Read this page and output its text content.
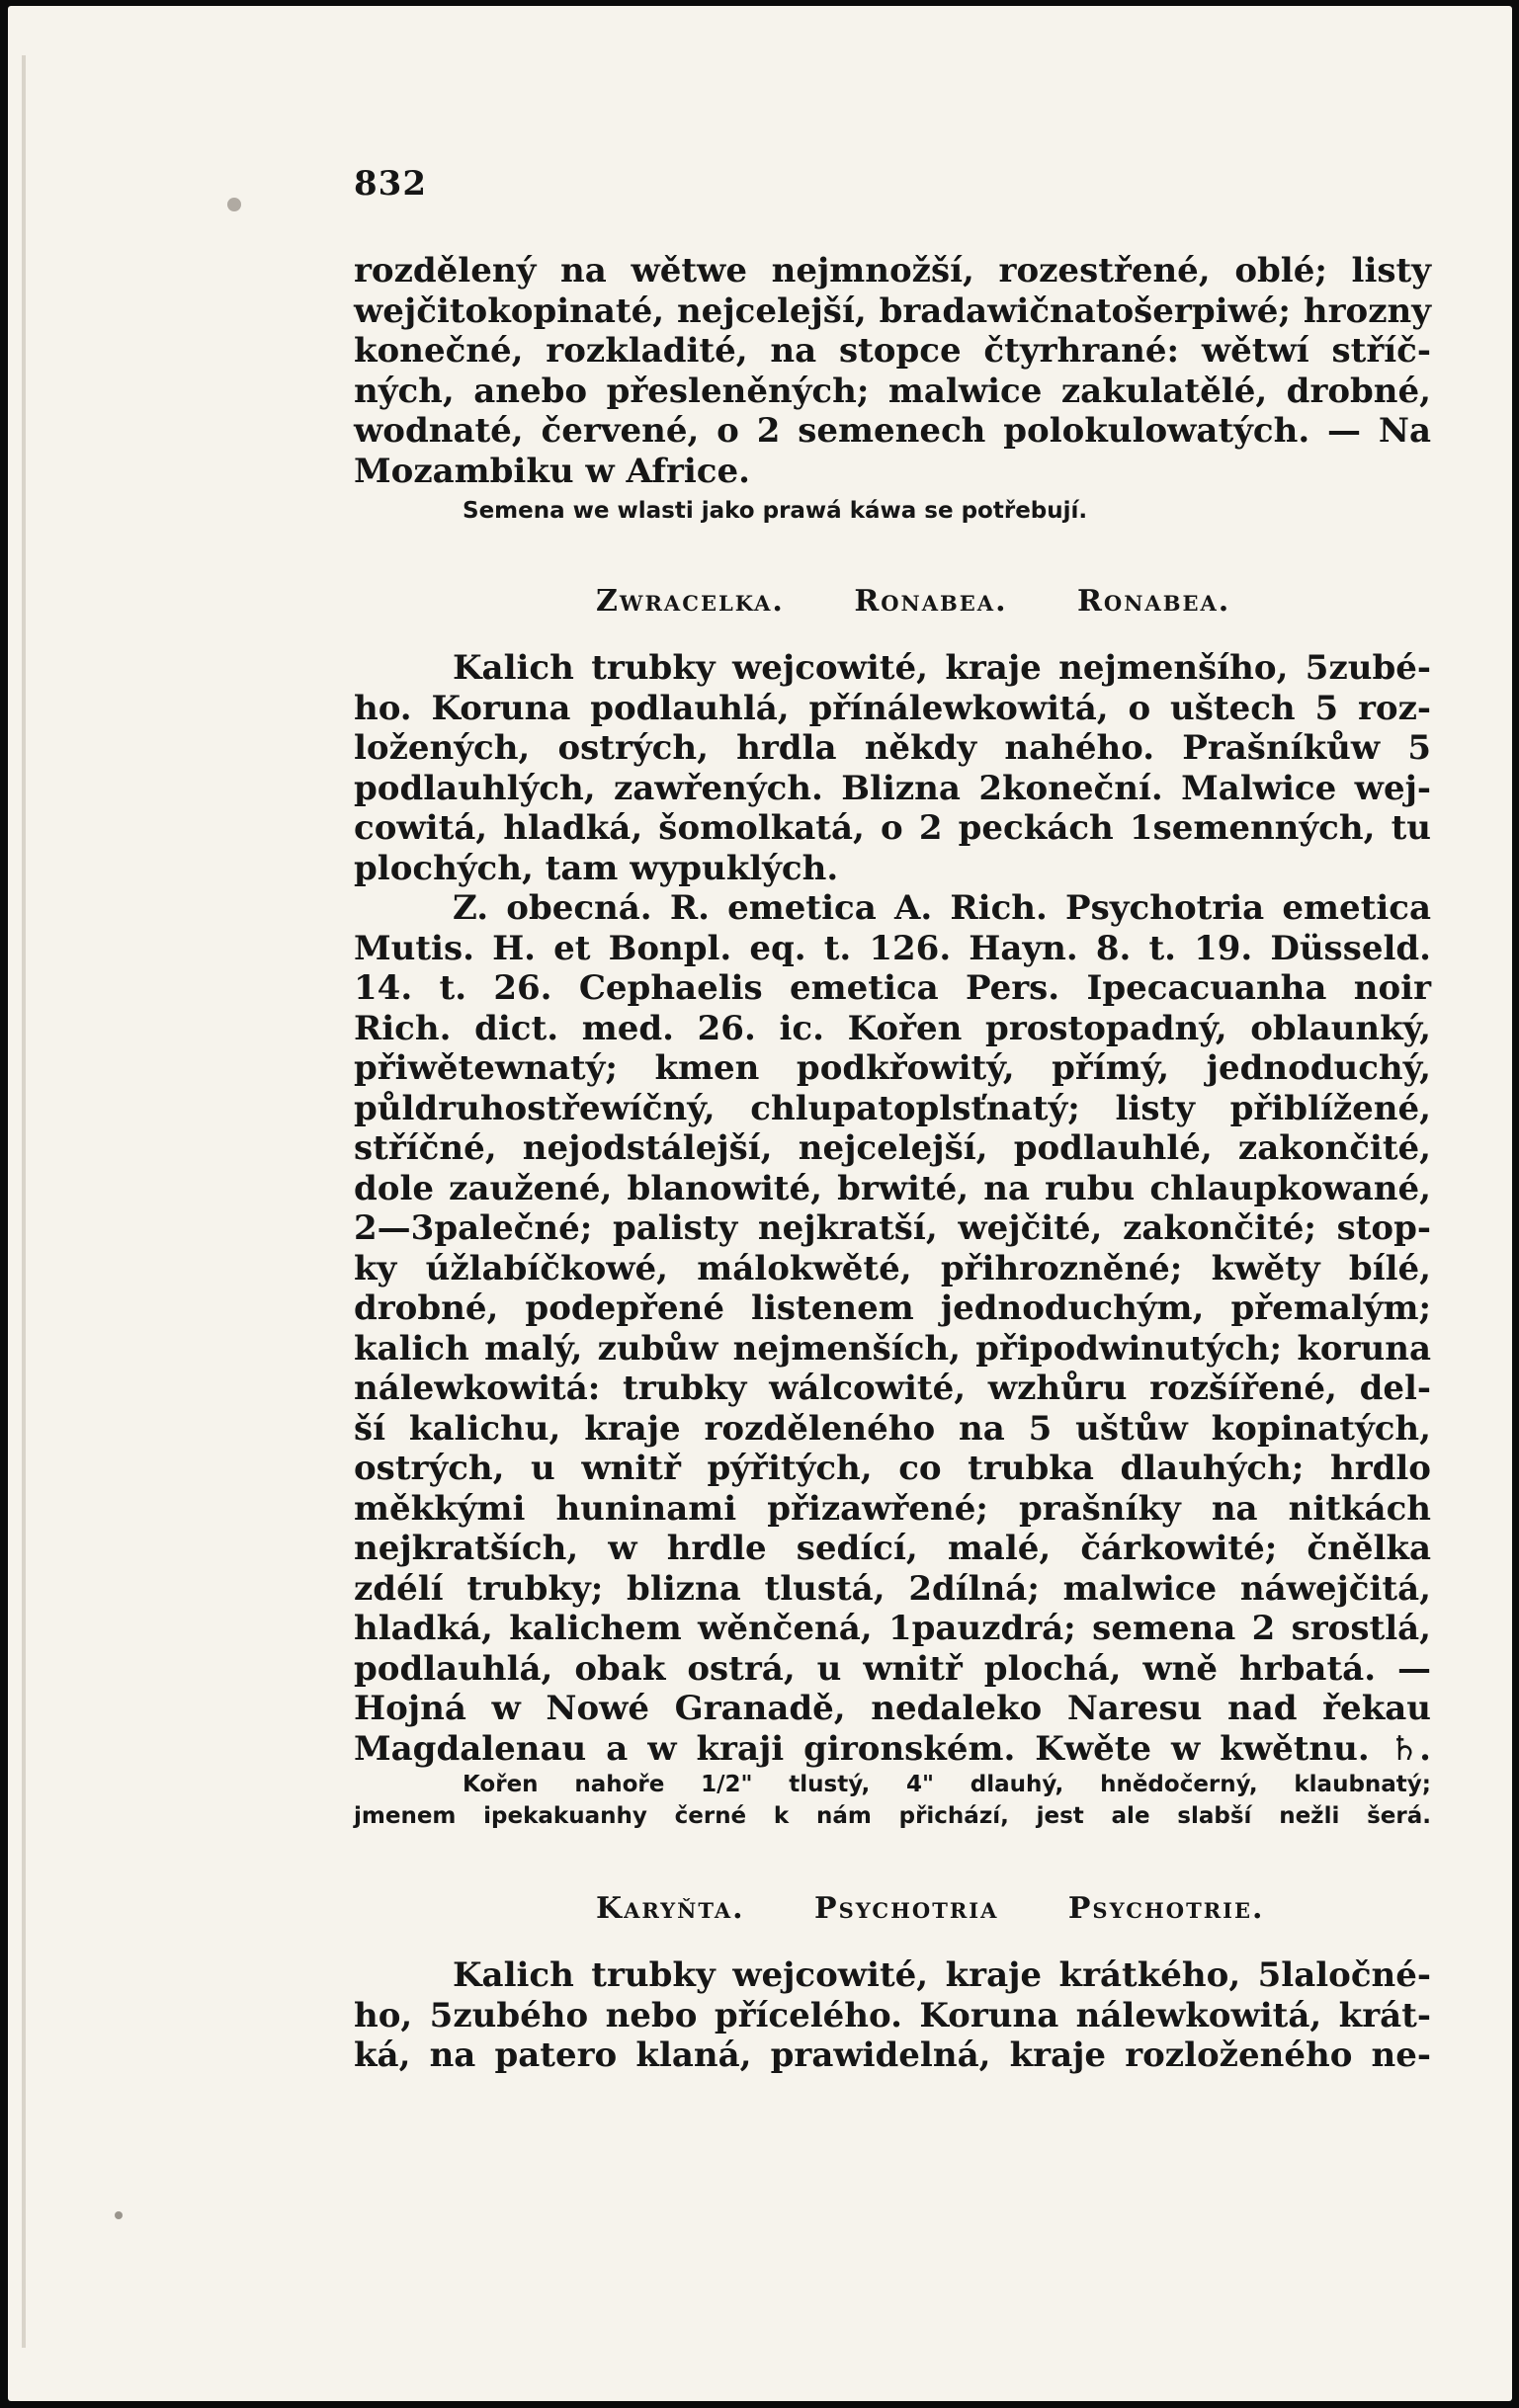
832
rozdělený na wětwe nejmnožší, rozestřené, oblé; listy
wejčitokopinaté, nejcelejší, bradawičnatošerpiwé; hrozny
konečné, rozkladité, na stopce čtyrhrané: wětwí stříč-
ných, anebo přesleněných; malwice zakulatělé, drobné,
wodnaté, červené, o 2 semenech polokulowatých. — Na
Mozambiku w Africe.
Semena we wlasti jako prawá káwa se potřebují.
Zwracelka. Ronabea. Ronabea.
Kalich trubky wejcowité, kraje nejmenšího, 5zubé-
ho. Koruna podlauhlá, přínálewkowitá, o uštech 5 roz-
ložených, ostrých, hrdla někdy nahého. Prašníkůw 5
podlauhlých, zawřených. Blizna 2koneční. Malwice wej-
cowitá, hladká, šomolkatá, o 2 peckách 1semenných, tu
plochých, tam wypuklých.
Z. obecná. R. emetica A. Rich. Psychotria emetica
Mutis. H. et Bonpl. eq. t. 126. Hayn. 8. t. 19. Düsseld.
14. t. 26. Cephaelis emetica Pers. Ipecacuanha noir
Rich. dict. med. 26. ic. Kořen prostopadný, oblaunký,
přiwětewnatý; kmen podkřowitý, přímý, jednoduchý,
půldruhostřewíčný, chlupatoplsťnatý; listy přiblížené,
stříčné, nejodstálejší, nejcelejší, podlauhlé, zakončité,
dole zaužené, blanowité, brwité, na rubu chlaupkowané,
2—3palečné; palisty nejkratší, wejčité, zakončité; stop-
ky úžlabíčkowé, málokwěté, přihrozněné; kwěty bílé,
drobné, podepřené listenem jednoduchým, přemalým;
kalich malý, zubůw nejmenších, připodwinutých; koruna
nálewkowitá: trubky wálcowité, wzhůru rozšířené, del-
ší kalichu, kraje rozděleného na 5 uštůw kopinatých,
ostrých, u wnitř pýřitých, co trubka dlauhých; hrdlo
měkkými huninami přizawřené; prašníky na nitkách
nejkratších, w hrdle sedící, malé, čárkowité; čnělka
zdélí trubky; blizna tlustá, 2dílná; malwice náwejčitá,
hladká, kalichem wěnčená, 1pauzdrá; semena 2 srostlá,
podlauhlá, obak ostrá, u wnitř plochá, wně hrbatá. —
Hojná w Nowé Granadě, nedaleko Naresu nad řekau
Magdalenau a w kraji gironském. Kwěte w kwětnu. ♄.
Kořen nahoře 1/2" tlustý, 4" dlauhý, hnědočerný, klaubnatý;
jmenem ipekakuanhy černé k nám přichází, jest ale slabší nežli šerá.
Karyňta. Psychotria Psychotrie.
Kalich trubky wejcowité, kraje krátkého, 5laločné-
ho, 5zubého nebo přícelého. Koruna nálewkowitá, krát-
ká, na patero klaná, prawidelná, kraje rozloženého ne-
